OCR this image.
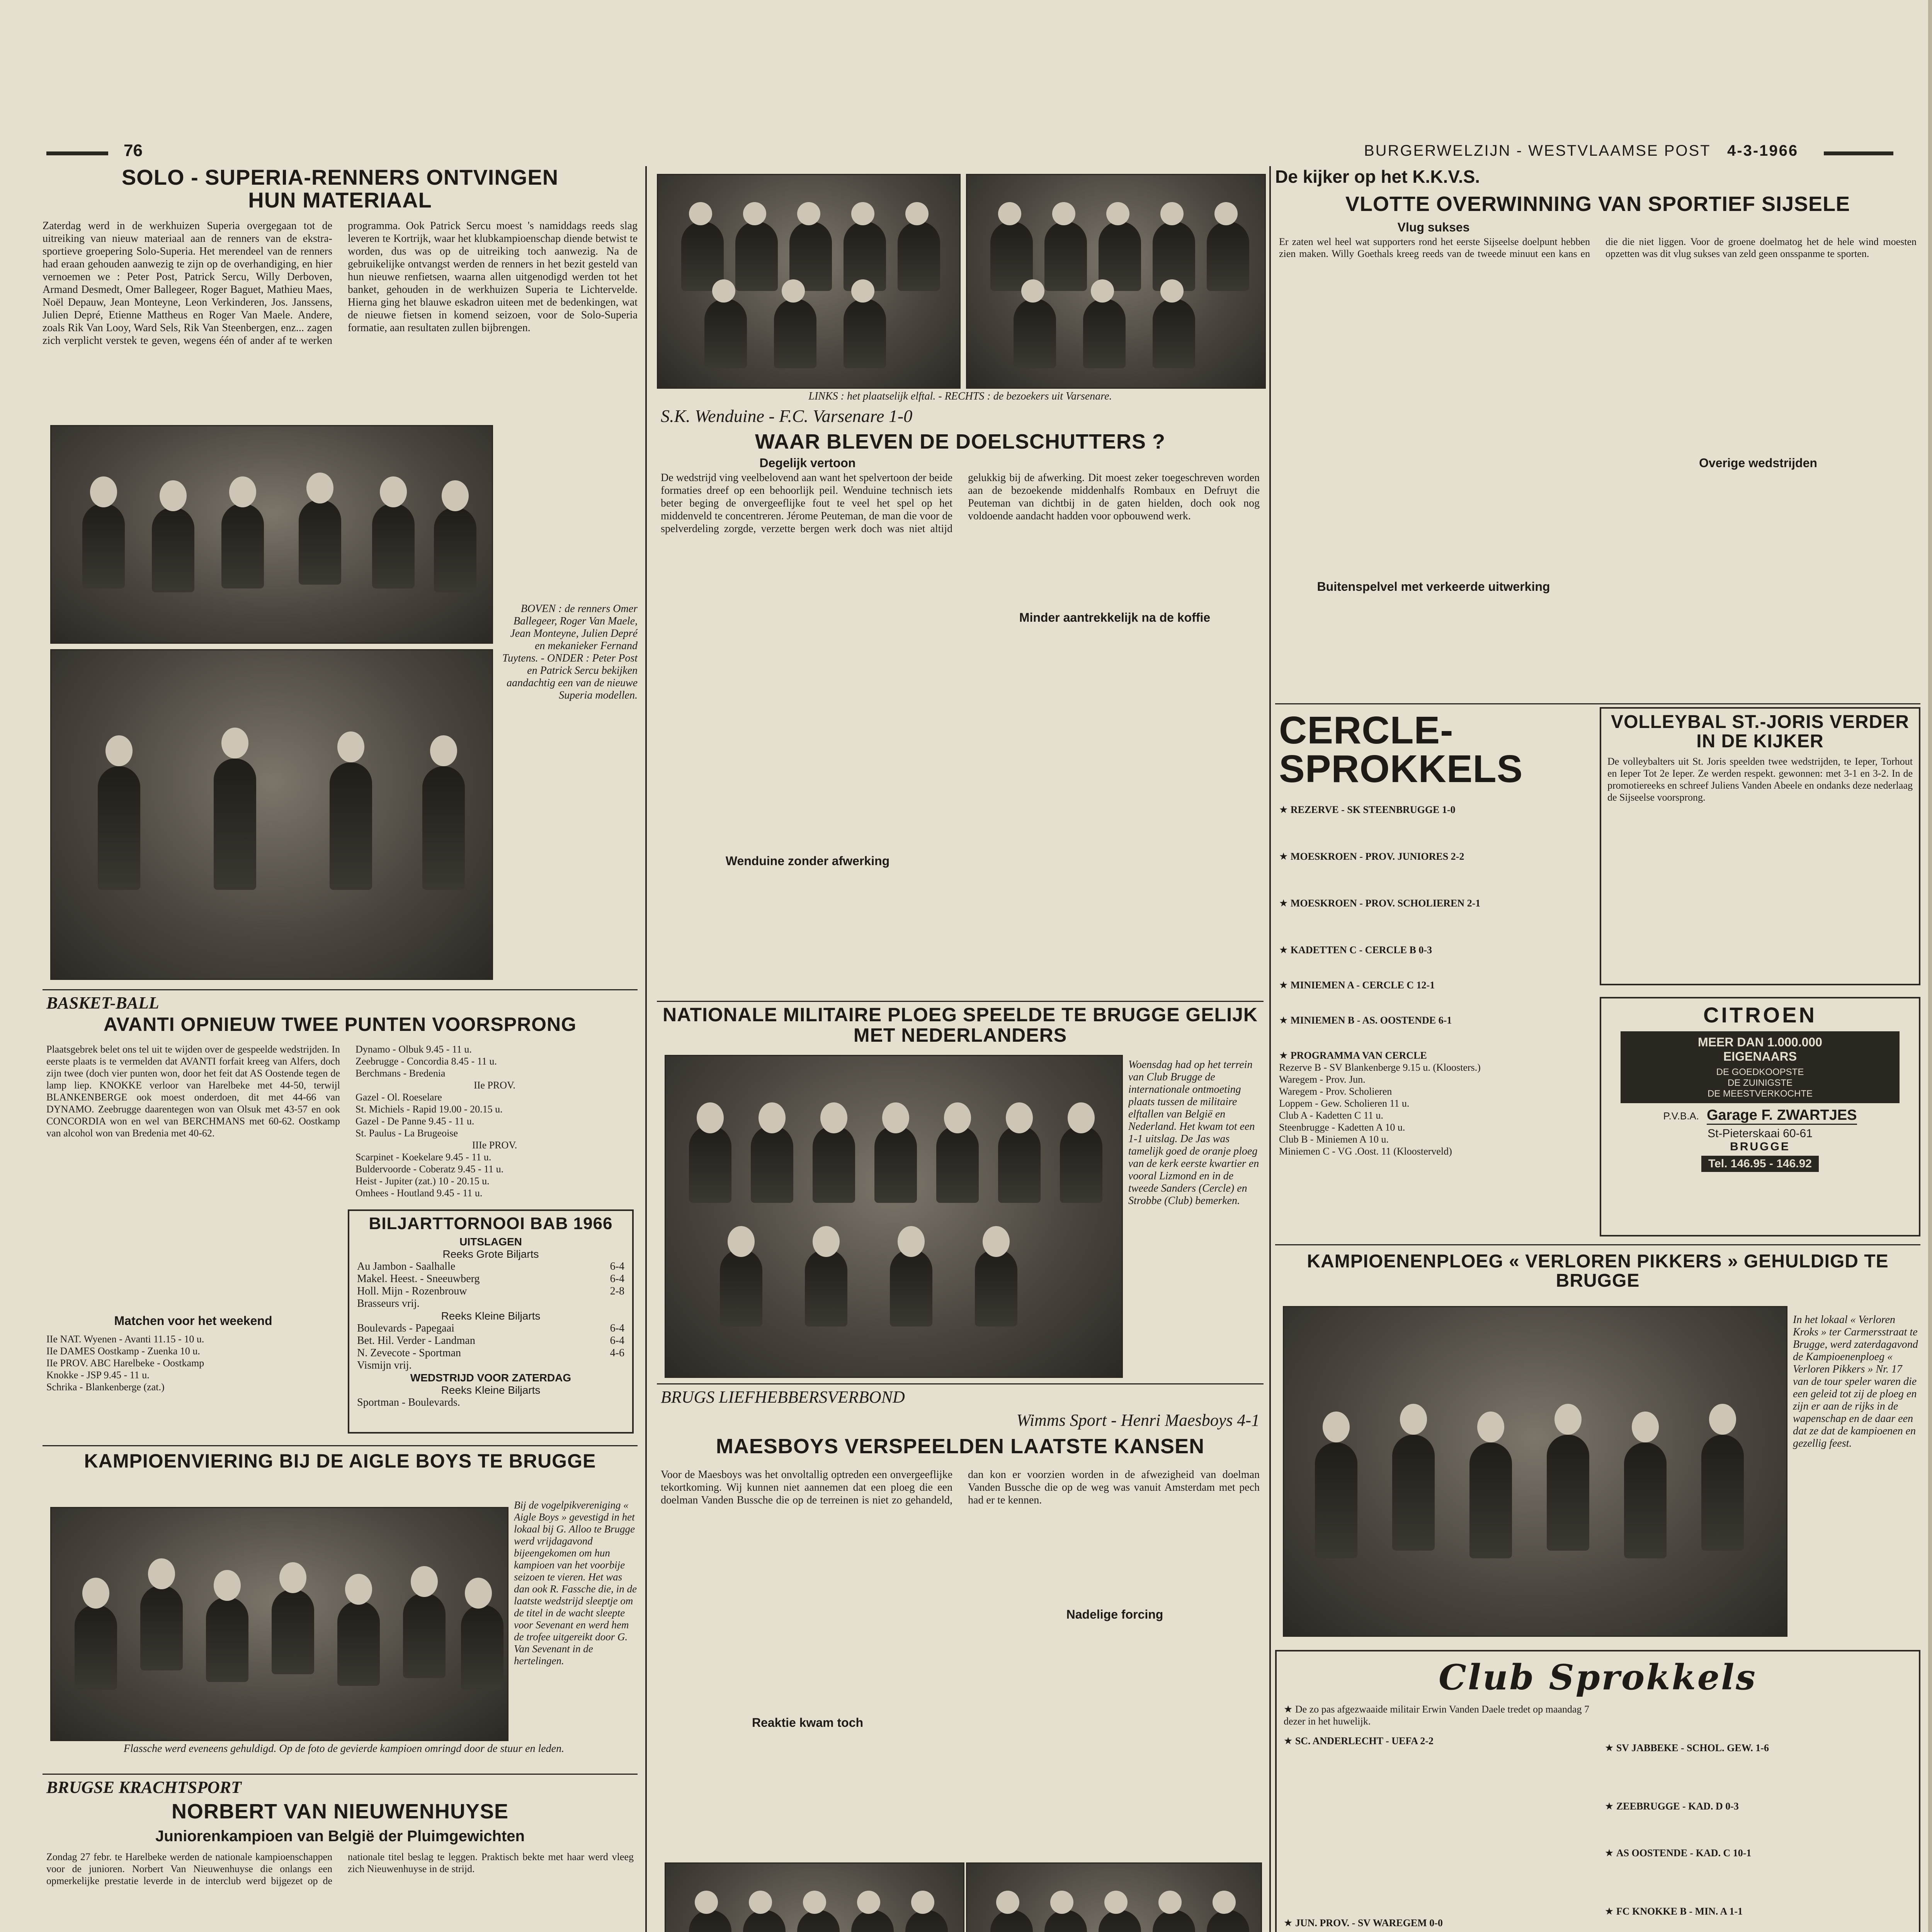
76	BURGERWELZIJN - WESTVLAAMSE POST 4-3-1966
SOLO - SUPERIA-RENNERS ONTVINGEN HUN MATERIAAL

Zaterdag werd in de werkhuizen Superia overgegaan tot de uitreiking van nieuw materiaal aan de renners van de ekstra-sportieve groepering Solo-Superia. Het merendeel van de renners had eraan gehouden aanwezig te zijn op de overhandiging, en hier vernoemen we : Peter Post, Patrick Sercu, Willy Derboven, Armand Desmedt, Omer Ballegeer, Roger Baguet, Mathieu Maes, Noël Depauw, Jean Monteyne, Leon Verkinderen, Jos. Janssens, Julien Depré, Etienne Mattheus en Roger Van Maele. Andere, zoals Rik Van Looy, Ward Sels, Rik Van Steenbergen, enz... zagen zich verplicht verstek te geven, wegens één of ander af te werken programma. Ook Patrick Sercu moest 's namiddags reeds slag leveren te Kortrijk, waar het klubkampioenschap diende betwist te worden, dus was op de uitreiking toch aanwezig. Na de gebruikelijke ontvangst werden de renners in het bezit gesteld van hun nieuwe renfietsen, waarna allen uitgenodigd werden tot het banket, gehouden in de werkhuizen Superia te Lichtervelde. Hierna ging het blauwe eskadron uiteen met de bedenkingen, wat de nieuwe fietsen in komend seizoen, voor de Solo-Superia formatie, aan resultaten zullen bijbrengen.

BOVEN : de renners Omer Ballegeer, Roger Van Maele, Jean Monteyne, Julien Depré en mekanieker Fernand Tuytens. - ONDER : Peter Post en Patrick Sercu bekijken aandachtig een van de nieuwe Superia modellen.
BASKET-BALL
AVANTI OPNIEUW TWEE PUNTEN VOORSPRONG

Plaatsgebrek belet ons tel uit te wijden over de gespeelde wedstrijden. In eerste plaats is te vermelden dat AVANTI forfait kreeg van Alfers, doch zijn twee (doch vier punten won, door het feit dat AS Oostende tegen de lamp liep. KNOKKE verloor van Harelbeke met 44-50, terwijl BLANKENBERGE ook moest onderdoen, dit met 44-66 van DYNAMO. Zeebrugge daarentegen won van Olsuk met 43-57 en ook CONCORDIA won en wel van BERCHMANS met 60-62. Oostkamp van alcohol won van Bredenia met 40-62.

Matchen voor het weekend
IIe NAT. Wyenen - Avanti 11.15 - 10 u.
IIe DAMES Oostkamp - Zuenka 10 u.
IIe PROV. ABC Harelbeke - Oostkamp
Knokke - JSP 9.45 - 11 u.
Schrika - Blankenberge (zat.)
Dynamo - Olbuk 9.45 - 11 u.
Zeebrugge - Concordia 8.45 - 11 u.
Berchmans - Bredenia
IIe PROV.
Gazel - Ol. Roeselare
St. Michiels - Rapid 19.00 - 20.15 u.
Gazel - De Panne 9.45 - 11 u.
St. Paulus - La Brugeoise
IIIe PROV.
Scarpinet - Koekelare 9.45 - 11 u.
Buldervoorde - Coberatz 9.45 - 11 u.
Heist - Jupiter (zat.) 10 - 20.15 u.
Omhees - Houtland 9.45 - 11 u.
BILJARTTORNOOI BAB 1966
UITSLAGEN
Reeks Grote Biljarts
Au Jambon - Saalhalle	6-4
Makel. Heest. - Sneeuwberg	6-4
Holl. Mijn - Rozenbrouw	2-8
Brasseurs vrij.
Reeks Kleine Biljarts
Boulevards - Papegaai	6-4
Bet. Hil. Verder - Landman	6-4
N. Zevecote - Sportman	4-6
Vismijn vrij.
WEDSTRIJD VOOR ZATERDAG
Reeks Kleine Biljarts
Sportman - Boulevards.
KAMPIOENVIERING BIJ DE AIGLE BOYS TE BRUGGE
Bij de vogelpikvereniging « Aigle Boys » gevestigd in het lokaal bij G. Alloo te Brugge werd vrijdagavond bijeengekomen om hun kampioen van het voorbije seizoen te vieren. Het was dan ook R. Fassche die, in de laatste wedstrijd sleeptje om de titel in de wacht sleepte voor Sevenant en werd hem de trofee uitgereikt door G. Van Sevenant in de hertelingen.
Flassche werd eveneens gehuldigd. Op de foto de gevierde kampioen omringd door de stuur en leden.
BRUGSE KRACHTSPORT
NORBERT VAN NIEUWENHUYSE
Juniorenkampioen van België der Pluimgewichten

Zondag 27 febr. te Harelbeke werden de nationale kampioenschappen voor de junioren. Norbert Van Nieuwenhuyse die onlangs een opmerkelijke prestatie leverde in de interclub werd bijgezet op de nationale titel beslag te leggen. Praktisch bekte met haar werd vleeg zich Nieuwenhuyse in de strijd.

LINKS : het plaatselijk elftal. - RECHTS : de bezoekers uit Varsenare.
S.K. Wenduine - F.C. Varsenare 1-0
WAAR BLEVEN DE DOELSCHUTTERS ?
Degelijk vertoon

De wedstrijd ving veelbelovend aan want het spelvertoon der beide formaties dreef op een behoorlijk peil. Wenduine technisch iets beter beging de onvergeeflijke fout te veel het spel op het middenveld te concentreren. Jérome Peuteman, de man die voor de spelverdeling zorgde, verzette bergen werk doch was niet altijd gelukkig bij de afwerking. Dit moest zeker toegeschreven worden aan de bezoekende middenhalfs Rombaux en Defruyt die Peuteman van dichtbij in de gaten hielden, doch ook nog voldoende aandacht hadden voor opbouwend werk.

Minder aantrekkelijk na de koffie
Wenduine zonder afwerking
NATIONALE MILITAIRE PLOEG SPEELDE TE BRUGGE GELIJK MET NEDERLANDERS
Woensdag had op het terrein van Club Brugge de internationale ontmoeting plaats tussen de militaire elftallen van België en Nederland. Het kwam tot een 1-1 uitslag. De Jas was tamelijk goed de oranje ploeg van de kerk eerste kwartier en vooral Lizmond en in de tweede Sanders (Cercle) en Strobbe (Club) bemerken.
BRUGS LIEFHEBBERSVERBOND
Wimms Sport - Henri Maesboys 4-1
MAESBOYS VERSPEELDEN LAATSTE KANSEN

Voor de Maesboys was het onvoltallig optreden een onvergeeflijke tekortkoming. Wij kunnen niet aannemen dat een ploeg die een doelman Vanden Bussche die op de terreinen is niet zo gehandeld, dan kon er voorzien worden in de afwezigheid van doelman Vanden Bussche die op de weg was vanuit Amsterdam met pech had er te kennen.

Reaktie kwam toch
Nadelige forcing

De kijker op het K.K.V.S.
VLOTTE OVERWINNING VAN SPORTIEF SIJSELE
Vlug sukses

Er zaten wel heel wat supporters rond het eerste Sijseelse doelpunt hebben zien maken. Willy Goethals kreeg reeds van de tweede minuut een kans en die die niet liggen. Voor de groene doelmatog het de hele wind moesten opzetten was dit vlug sukses van zeld geen onsspanme te sporten.

Overige wedstrijden
Buitenspelvel met verkeerde uitwerking
CERCLE-
SPROKKELS
★ REZERVE - SK STEENBRUGGE 1-0
★ MOESKROEN - PROV. JUNIORES 2-2
★ MOESKROEN - PROV. SCHOLIEREN 2-1
★ KADETTEN C - CERCLE B 0-3
★ MINIEMEN A - CERCLE C 12-1
★ MINIEMEN B - AS. OOSTENDE 6-1
★ PROGRAMMA VAN CERCLE
Rezerve B - SV Blankenberge 9.15 u. (Kloosters.)
Waregem - Prov. Jun.
Waregem - Prov. Scholieren
Loppem - Gew. Scholieren 11 u.
Club A - Kadetten C 11 u.
Steenbrugge - Kadetten A 10 u.
Club B - Miniemen A 10 u.
Miniemen C - VG .Oost. 11 (Kloosterveld)
VOLLEYBAL ST.-JORIS VERDER IN DE KIJKER

De volleybalters uit St. Joris speelden twee wedstrijden, te Ieper, Torhout en Ieper Tot 2e Ieper. Ze werden respekt. gewonnen: met 3-1 en 3-2. In de promotiereeks en schreef Juliens Vanden Abeele en ondanks deze nederlaag de Sijseelse voorsprong.

CITROEN
MEER DAN 1.000.000
EIGENAARS
DE GOEDKOOPSTE
DE ZUINIGSTE
DE MEESTVERKOCHTE
P.V.B.A. Garage F. ZWARTJES
St-Pieterskaai 60-61
BRUGGE
Tel. 146.95 - 146.92
KAMPIOENENPLOEG « VERLOREN PIKKERS » GEHULDIGD TE BRUGGE
In het lokaal « Verloren Kroks » ter Carmersstraat te Brugge, werd zaterdagavond de Kampioenenploeg « Verloren Pikkers » Nr. 17 van de tour speler waren die een geleid tot zij de ploeg en zijn er aan de rijks in de wapenschap en de daar een dat ze dat de kampioenen en gezellig feest.
Club Sprokkels
★ De zo pas afgezwaaide militair Erwin Vanden Daele tredet op maandag 7 dezer in het huwelijk.
★ SC. ANDERLECHT - UEFA 2-2
★ JUN. PROV. - SV WAREGEM 0-0
★ SV JABBEKE - SCHOL. GEW. 1-6
★ ZEEBRUGGE - KAD. D 0-3
★ AS OOSTENDE - KAD. C 10-1
★ FC KNOKKE B - MIN. A 1-1
